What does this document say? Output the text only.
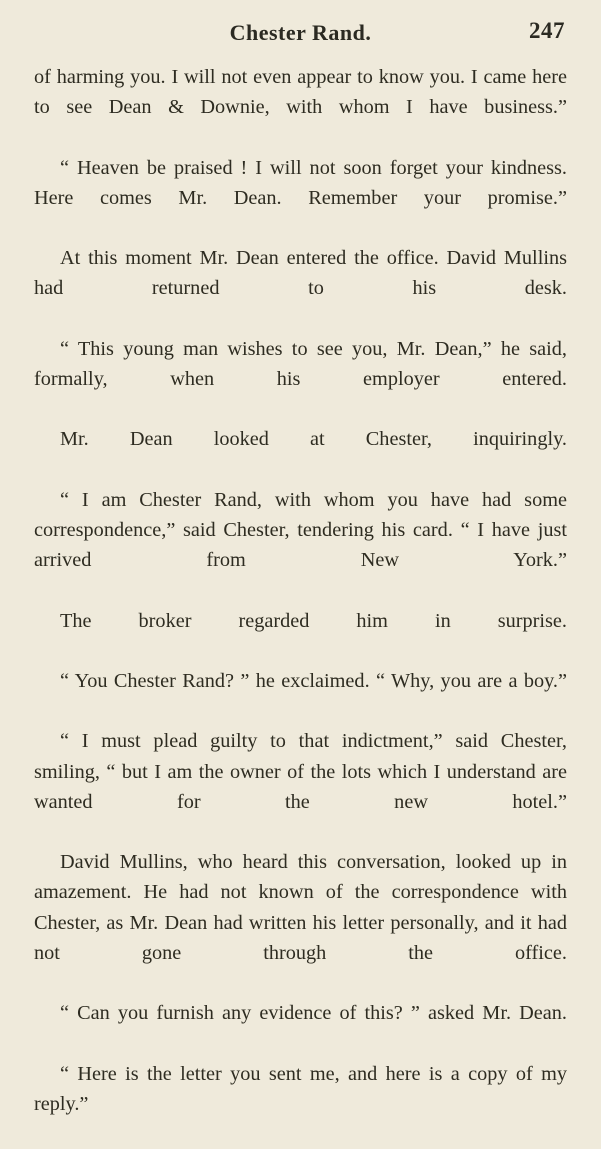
Chester Rand.	247

of harming you. I will not even appear to know you. I came here to see Dean & Downie, with whom I have business.”

“ Heaven be praised ! I will not soon forget your kindness. Here comes Mr. Dean. Remember your promise.”

At this moment Mr. Dean entered the office. David Mullins had returned to his desk.

“ This young man wishes to see you, Mr. Dean,” he said, formally, when his employer entered.

Mr. Dean looked at Chester, inquiringly.

“ I am Chester Rand, with whom you have had some correspondence,” said Chester, tendering his card. “ I have just arrived from New York.”

The broker regarded him in surprise.

“ You Chester Rand? ” he exclaimed. “ Why, you are a boy.”

“ I must plead guilty to that indictment,” said Chester, smiling, “ but I am the owner of the lots which I understand are wanted for the new hotel.”

David Mullins, who heard this conversation, looked up in amazement. He had not known of the correspondence with Chester, as Mr. Dean had written his letter personally, and it had not gone through the office.

“ Can you furnish any evidence of this? ” asked Mr. Dean.

“ Here is the letter you sent me, and here is a copy of my reply.”
